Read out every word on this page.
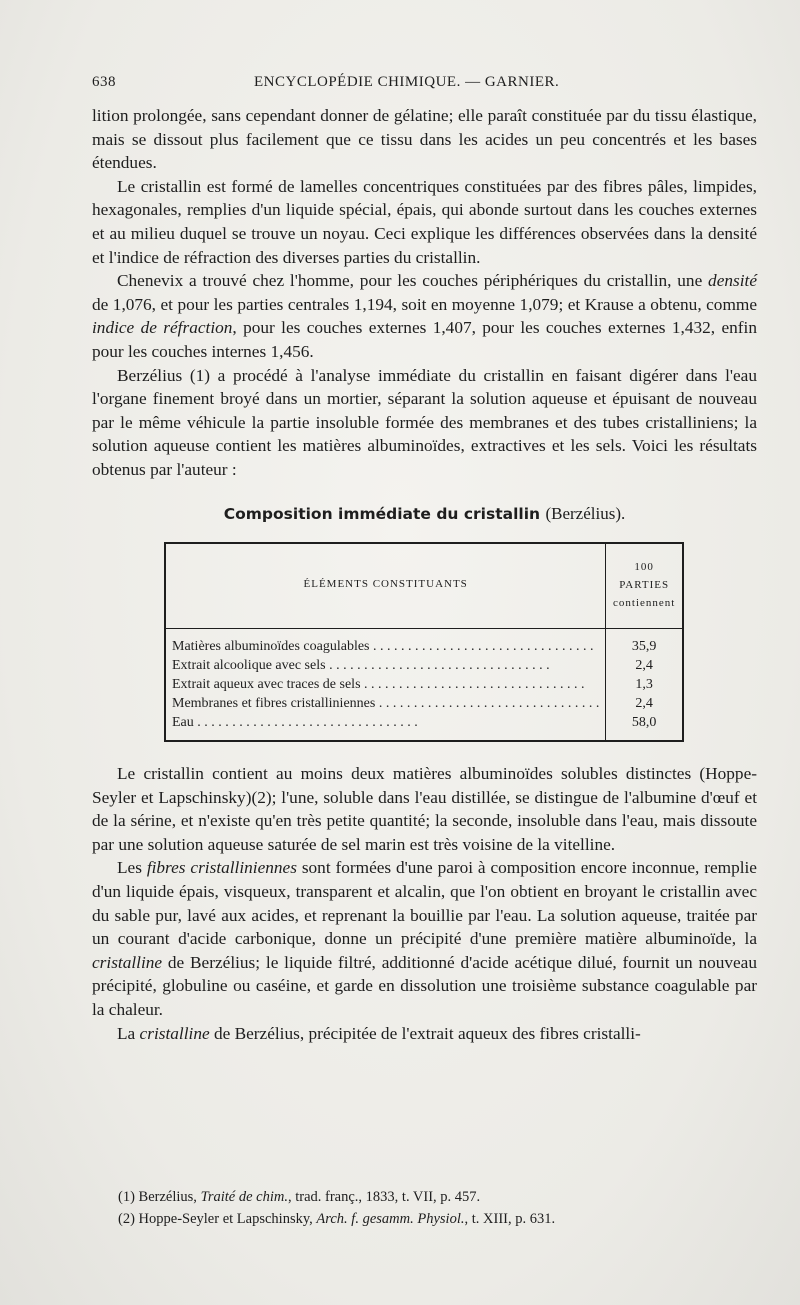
638	ENCYCLOPÉDIE CHIMIQUE. — GARNIER.

lition prolongée, sans cependant donner de gélatine; elle paraît constituée par du tissu élastique, mais se dissout plus facilement que ce tissu dans les acides un peu concentrés et les bases étendues.

Le cristallin est formé de lamelles concentriques constituées par des fibres pâles, limpides, hexagonales, remplies d'un liquide spécial, épais, qui abonde surtout dans les couches externes et au milieu duquel se trouve un noyau. Ceci explique les différences observées dans la densité et l'indice de réfraction des diverses parties du cristallin.

Chenevix a trouvé chez l'homme, pour les couches périphériques du cristallin, une densité de 1,076, et pour les parties centrales 1,194, soit en moyenne 1,079; et Krause a obtenu, comme indice de réfraction, pour les couches externes 1,407, pour les couches externes 1,432, enfin pour les couches internes 1,456.

Berzélius (1) a procédé à l'analyse immédiate du cristallin en faisant digérer dans l'eau l'organe finement broyé dans un mortier, séparant la solution aqueuse et épuisant de nouveau par le même véhicule la partie insoluble formée des membranes et des tubes cristalliniens; la solution aqueuse contient les matières albuminoïdes, extractives et les sels. Voici les résultats obtenus par l'auteur :

Composition immédiate du cristallin (Berzélius).
ÉLÉMENTS CONSTITUANTS	100 PARTIES
contiennent
Matières albuminoïdes coagulables . . .	35,9
Extrait alcoolique avec sels . . .	2,4
Extrait aqueux avec traces de sels . . .	1,3
Membranes et fibres cristalliniennes . . .	2,4
Eau . . .	58,0

Le cristallin contient au moins deux matières albuminoïdes solubles distinctes (Hoppe-Seyler et Lapschinsky)(2); l'une, soluble dans l'eau distillée, se distingue de l'albumine d'œuf et de la sérine, et n'existe qu'en très petite quantité; la seconde, insoluble dans l'eau, mais dissoute par une solution aqueuse saturée de sel marin est très voisine de la vitelline.

Les fibres cristalliniennes sont formées d'une paroi à composition encore inconnue, remplie d'un liquide épais, visqueux, transparent et alcalin, que l'on obtient en broyant le cristallin avec du sable pur, lavé aux acides, et reprenant la bouillie par l'eau. La solution aqueuse, traitée par un courant d'acide carbonique, donne un précipité d'une première matière albuminoïde, la cristalline de Berzélius; le liquide filtré, additionné d'acide acétique dilué, fournit un nouveau précipité, globuline ou caséine, et garde en dissolution une troisième substance coagulable par la chaleur.

La cristalline de Berzélius, précipitée de l'extrait aqueux des fibres cristalli-

(1) Berzélius, Traité de chim., trad. franç., 1833, t. VII, p. 457.
(2) Hoppe-Seyler et Lapschinsky, Arch. f. gesamm. Physiol., t. XIII, p. 631.
